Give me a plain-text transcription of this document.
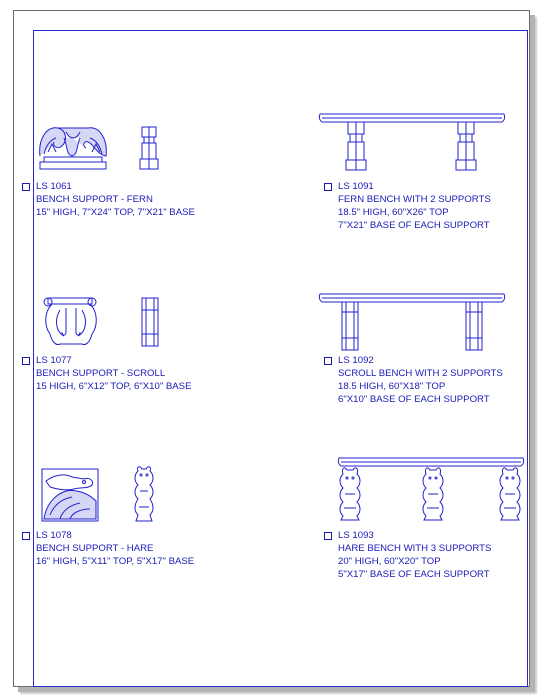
LS 1061
BENCH SUPPORT - FERN
15" HIGH, 7"X24" TOP, 7"X21" BASE
LS 1091
FERN BENCH WITH 2 SUPPORTS
18.5" HIGH, 60"X26" TOP
7"X21" BASE OF EACH SUPPORT
LS 1077
BENCH SUPPORT - SCROLL
15 HIGH, 6"X12" TOP, 6"X10" BASE
LS 1092
SCROLL BENCH WITH 2 SUPPORTS
18.5 HIGH, 60"X18" TOP
6"X10" BASE OF EACH SUPPORT
LS 1078
BENCH SUPPORT - HARE
16" HIGH, 5"X11" TOP, 5"X17" BASE
LS 1093
HARE BENCH WITH 3 SUPPORTS
20" HIGH, 60"X20" TOP
5"X17" BASE OF EACH SUPPORT
